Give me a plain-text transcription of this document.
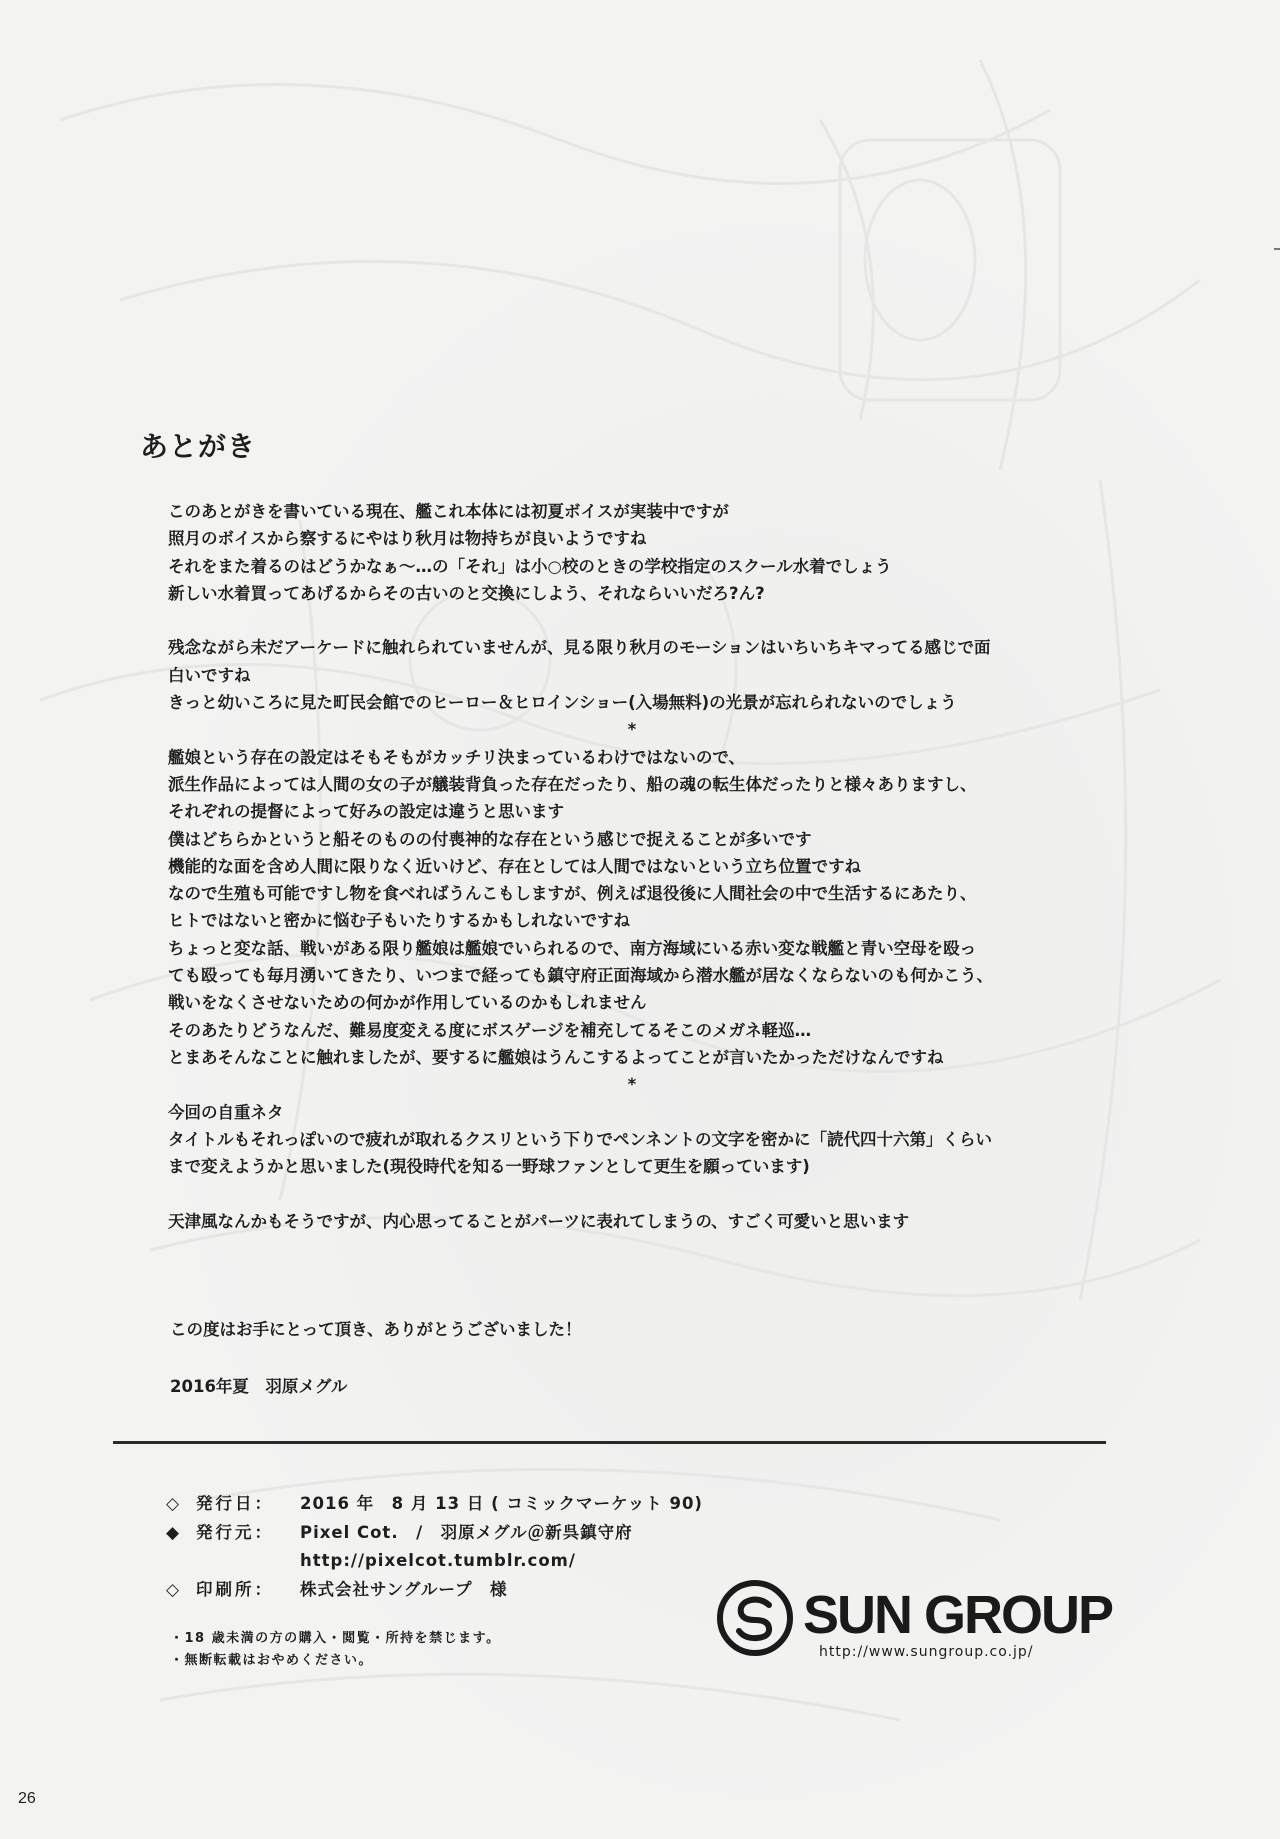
あとがき
このあとがきを書いている現在、艦これ本体には初夏ボイスが実装中ですが
照月のボイスから察するにやはり秋月は物持ちが良いようですね
それをまた着るのはどうかなぁ～…の「それ」は小○校のときの学校指定のスクール水着でしょう
新しい水着買ってあげるからその古いのと交換にしよう、それならいいだろ?ん?
残念ながら未だアーケードに触れられていませんが、見る限り秋月のモーションはいちいちキマってる感じで面
白いですね
きっと幼いころに見た町民会館でのヒーロー＆ヒロインショー(入場無料)の光景が忘れられないのでしょう
*
艦娘という存在の設定はそもそもがカッチリ決まっているわけではないので、
派生作品によっては人間の女の子が艤装背負った存在だったり、船の魂の転生体だったりと様々ありますし、
それぞれの提督によって好みの設定は違うと思います
僕はどちらかというと船そのものの付喪神的な存在という感じで捉えることが多いです
機能的な面を含め人間に限りなく近いけど、存在としては人間ではないという立ち位置ですね
なので生殖も可能ですし物を食べればうんこもしますが、例えば退役後に人間社会の中で生活するにあたり、
ヒトではないと密かに悩む子もいたりするかもしれないですね
ちょっと変な話、戦いがある限り艦娘は艦娘でいられるので、南方海域にいる赤い変な戦艦と青い空母を殴っ
ても殴っても毎月湧いてきたり、いつまで経っても鎮守府正面海域から潜水艦が居なくならないのも何かこう、
戦いをなくさせないための何かが作用しているのかもしれません
そのあたりどうなんだ、難易度変える度にボスゲージを補充してるそこのメガネ軽巡…
とまあそんなことに触れましたが、要するに艦娘はうんこするよってことが言いたかっただけなんですね
*
今回の自重ネタ
タイトルもそれっぽいので疲れが取れるクスリという下りでペンネントの文字を密かに「読代四十六第」くらい
まで変えようかと思いました(現役時代を知る一野球ファンとして更生を願っています)
天津風なんかもそうですが、内心思ってることがパーツに表れてしまうの、すごく可愛いと思います
この度はお手にとって頂き、ありがとうございました！
2016年夏　羽原メグル
◇	発行日：	2016 年　8 月 13 日 ( コミックマーケット 90)
◆	発行元：	Pixel Cot.　/　羽原メグル＠新呉鎮守府
http://pixelcot.tumblr.com/
◇	印刷所：	株式会社サングループ　様
・18 歳未満の方の購入・閲覧・所持を禁じます。
・無断転載はおやめください。
SUN GROUP
http://www.sungroup.co.jp/
26
